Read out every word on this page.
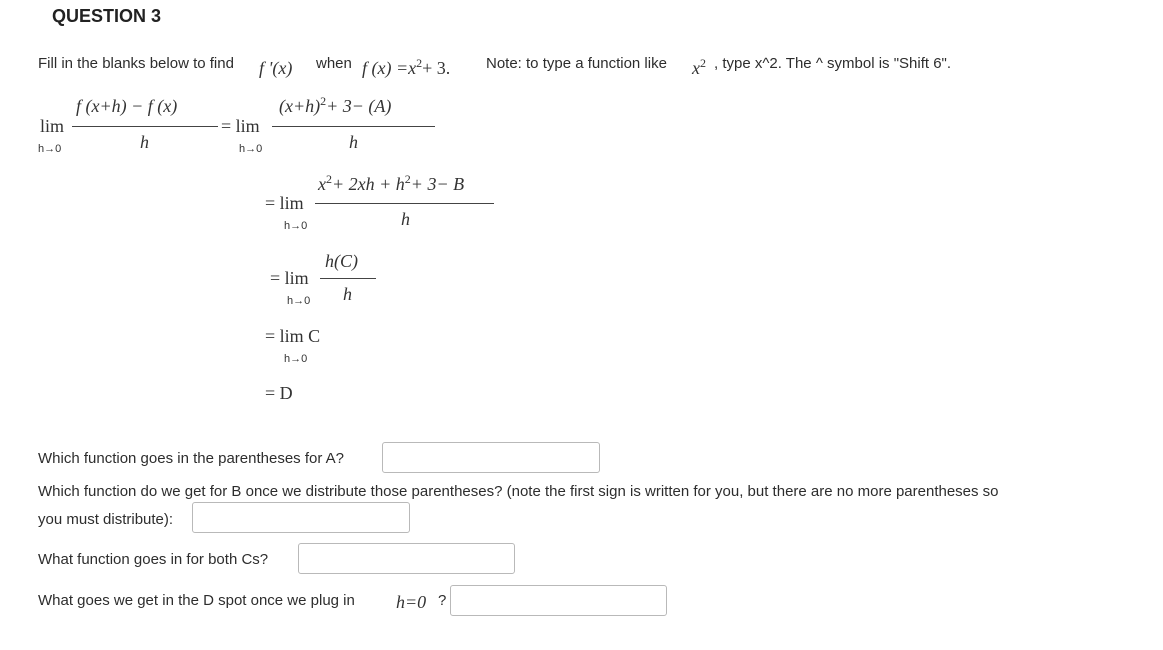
QUESTION 3
Fill in the blanks below to find f '(x) when f $(x) =x^2+ 3$. Note: to type a function like $x^2$ , type x^2. The ^ symbol is "Shift 6".
lim
h→0
f (x+h) − f (x)
h
= lim
h→0
$(x+h)^2+ 3- (A)$
h
$x^2+ 2xh + h^2+ 3- B$
= lim
h
h→0
h(C)
= lim
h
h→0
= lim C
h→0
= D
Which function goes in the parentheses for A?
Which function do we get for B once we distribute those parentheses? (note the first sign is written for you, but there are no more parentheses so
you must distribute):
What function goes in for both Cs?
What goes we get in the D spot once we plug in h=0 ?
